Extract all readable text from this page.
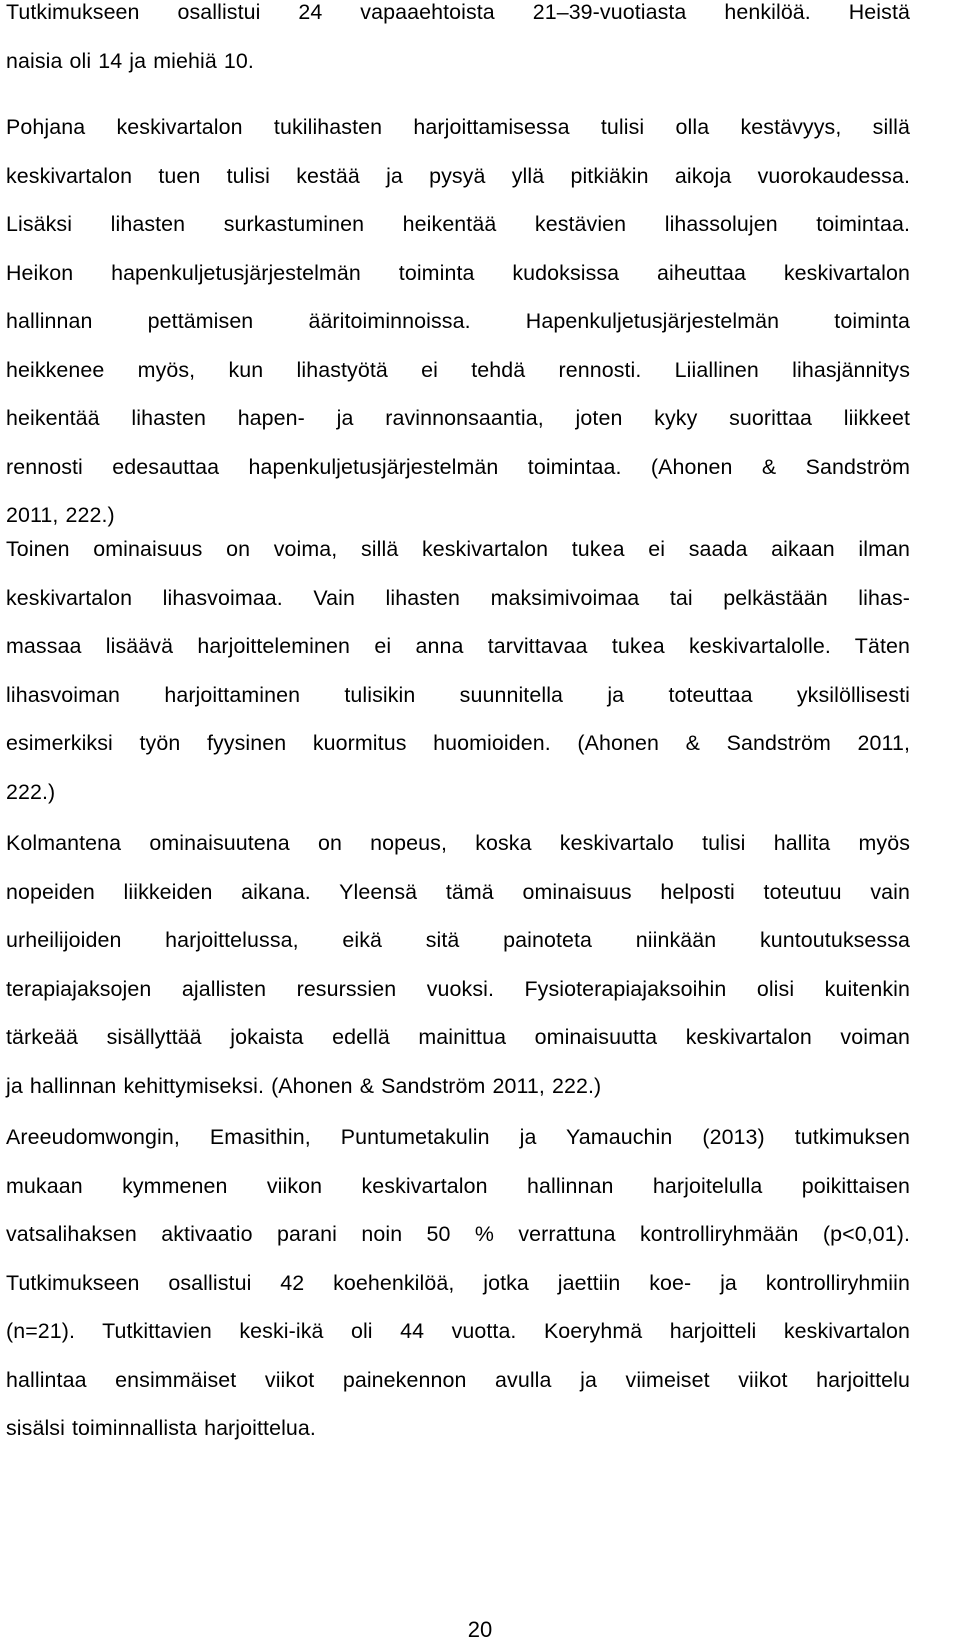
Tutkimukseen osallistui 24 vapaaehtoista 21–39-vuotiasta henkilöä. Heistä
naisia oli 14 ja miehiä 10.
Pohjana keskivartalon tukilihasten harjoittamisessa tulisi olla kestävyys, sillä
keskivartalon tuen tulisi kestää ja pysyä yllä pitkiäkin aikoja vuorokaudessa.
Lisäksi lihasten surkastuminen heikentää kestävien lihassolujen toimintaa.
Heikon hapenkuljetusjärjestelmän toiminta kudoksissa aiheuttaa keskivartalon
hallinnan pettämisen ääritoiminnoissa. Hapenkuljetusjärjestelmän toiminta
heikkenee myös, kun lihastyötä ei tehdä rennosti. Liiallinen lihasjännitys
heikentää lihasten hapen- ja ravinnonsaantia, joten kyky suorittaa liikkeet
rennosti edesauttaa hapenkuljetusjärjestelmän toimintaa. (Ahonen & Sandström
2011, 222.)
Toinen ominaisuus on voima, sillä keskivartalon tukea ei saada aikaan ilman
keskivartalon lihasvoimaa. Vain lihasten maksimivoimaa tai pelkästään lihas-
massaa lisäävä harjoitteleminen ei anna tarvittavaa tukea keskivartalolle. Täten
lihasvoiman harjoittaminen tulisikin suunnitella ja toteuttaa yksilöllisesti
esimerkiksi työn fyysinen kuormitus huomioiden. (Ahonen & Sandström 2011,
222.)
Kolmantena ominaisuutena on nopeus, koska keskivartalo tulisi hallita myös
nopeiden liikkeiden aikana. Yleensä tämä ominaisuus helposti toteutuu vain
urheilijoiden harjoittelussa, eikä sitä painoteta niinkään kuntoutuksessa
terapiajaksojen ajallisten resurssien vuoksi. Fysioterapiajaksoihin olisi kuitenkin
tärkeää sisällyttää jokaista edellä mainittua ominaisuutta keskivartalon voiman
ja hallinnan kehittymiseksi. (Ahonen & Sandström 2011, 222.)
Areeudomwongin, Emasithin, Puntumetakulin ja Yamauchin (2013) tutkimuksen
mukaan kymmenen viikon keskivartalon hallinnan harjoitelulla poikittaisen
vatsalihaksen aktivaatio parani noin 50 % verrattuna kontrolliryhmään (p<0,01).
Tutkimukseen osallistui 42 koehenkilöä, jotka jaettiin koe- ja kontrolliryhmiin
(n=21). Tutkittavien keski-ikä oli 44 vuotta. Koeryhmä harjoitteli keskivartalon
hallintaa ensimmäiset viikot painekennon avulla ja viimeiset viikot harjoittelu
sisälsi toiminnallista harjoittelua.

20
